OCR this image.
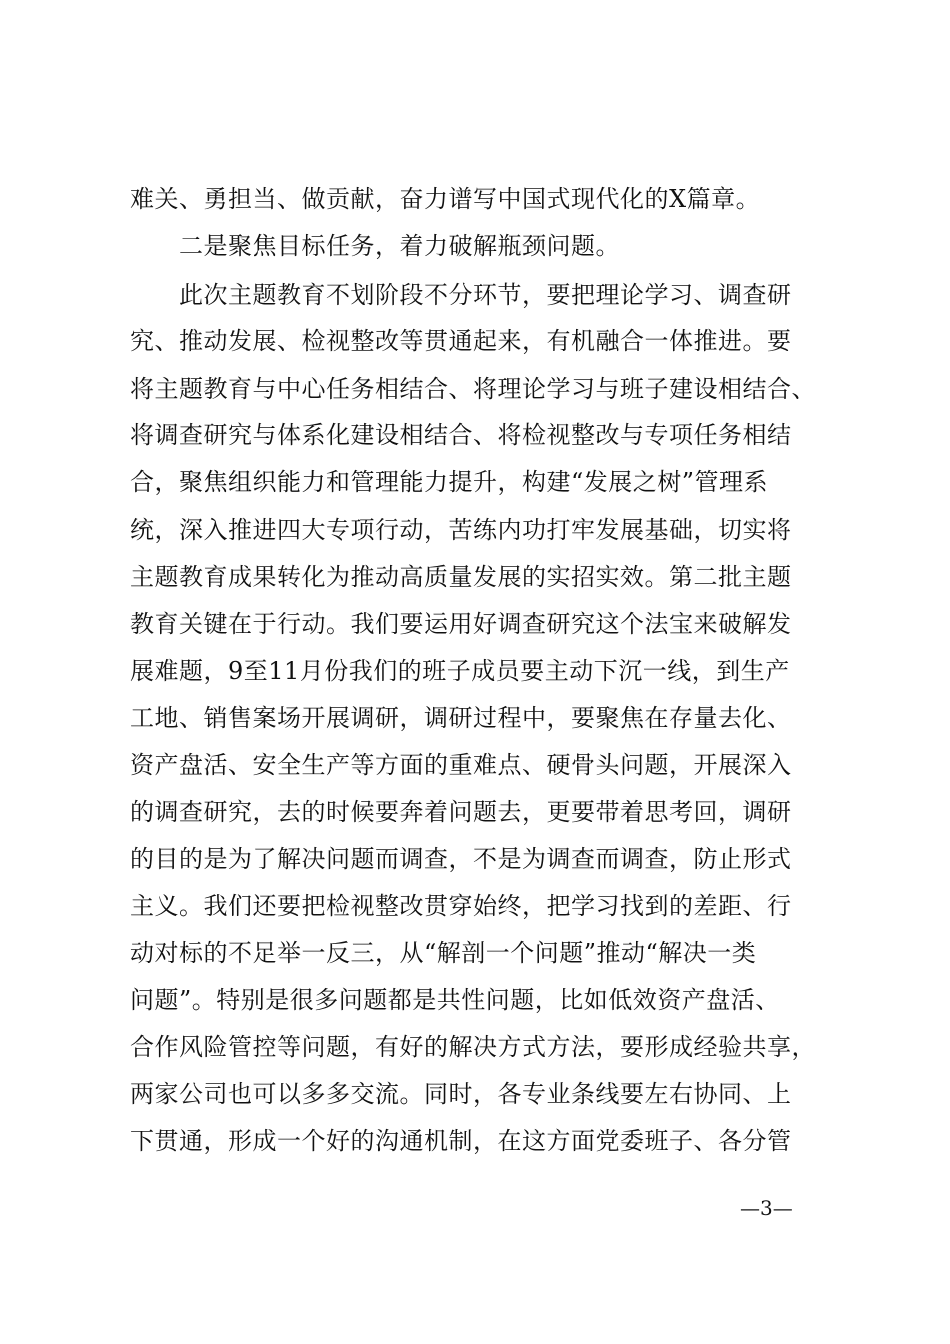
难关、勇担当、做贡献，奋力谱写中国式现代化的X篇章。
二是聚焦目标任务，着力破解瓶颈问题。
此次主题教育不划阶段不分环节，要把理论学习、调查研
究、推动发展、检视整改等贯通起来，有机融合一体推进。要
将主题教育与中心任务相结合、将理论学习与班子建设相结合、
将调查研究与体系化建设相结合、将检视整改与专项任务相结
合，聚焦组织能力和管理能力提升，构建“发展之树”管理系
统，深入推进四大专项行动，苦练内功打牢发展基础，切实将
主题教育成果转化为推动高质量发展的实招实效。第二批主题
教育关键在于行动。我们要运用好调查研究这个法宝来破解发
展难题，9至11月份我们的班子成员要主动下沉一线，到生产
工地、销售案场开展调研，调研过程中，要聚焦在存量去化、
资产盘活、安全生产等方面的重难点、硬骨头问题，开展深入
的调查研究，去的时候要奔着问题去，更要带着思考回，调研
的目的是为了解决问题而调查，不是为调查而调查，防止形式
主义。我们还要把检视整改贯穿始终，把学习找到的差距、行
动对标的不足举一反三，从“解剖一个问题”推动“解决一类
问题”。特别是很多问题都是共性问题，比如低效资产盘活、
合作风险管控等问题，有好的解决方式方法，要形成经验共享，
两家公司也可以多多交流。同时，各专业条线要左右协同、上
下贯通，形成一个好的沟通机制，在这方面党委班子、各分管
—3—
